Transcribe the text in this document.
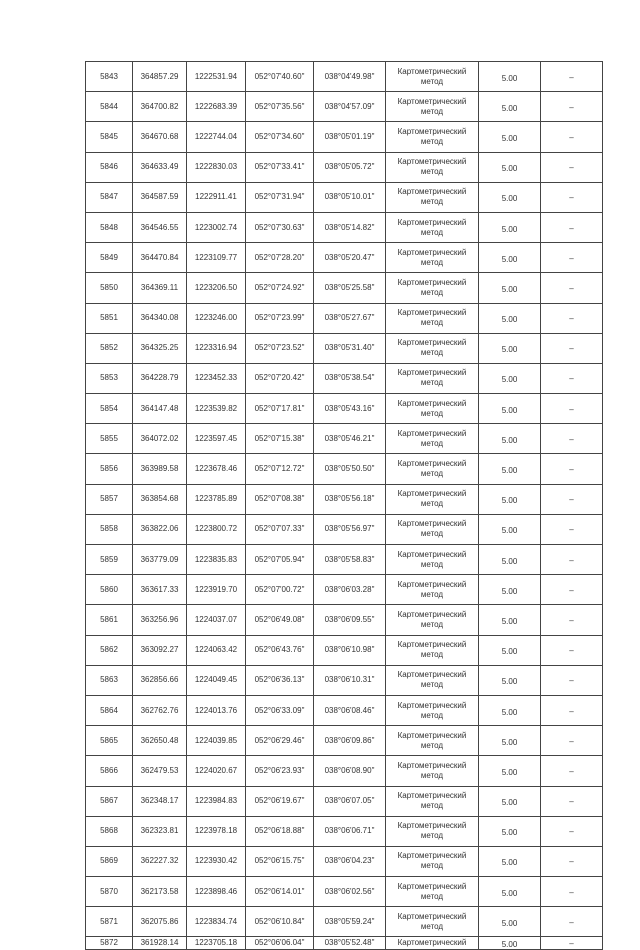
5843	364857.29	1222531.94	052°07'40.60"	038°04'49.98"	Картометрический
метод	5.00	–
5844	364700.82	1222683.39	052°07'35.56"	038°04'57.09"	Картометрический
метод	5.00	–
5845	364670.68	1222744.04	052°07'34.60"	038°05'01.19"	Картометрический
метод	5.00	–
5846	364633.49	1222830.03	052°07'33.41"	038°05'05.72"	Картометрический
метод	5.00	–
5847	364587.59	1222911.41	052°07'31.94"	038°05'10.01"	Картометрический
метод	5.00	–
5848	364546.55	1223002.74	052°07'30.63"	038°05'14.82"	Картометрический
метод	5.00	–
5849	364470.84	1223109.77	052°07'28.20"	038°05'20.47"	Картометрический
метод	5.00	–
5850	364369.11	1223206.50	052°07'24.92"	038°05'25.58"	Картометрический
метод	5.00	–
5851	364340.08	1223246.00	052°07'23.99"	038°05'27.67"	Картометрический
метод	5.00	–
5852	364325.25	1223316.94	052°07'23.52"	038°05'31.40"	Картометрический
метод	5.00	–
5853	364228.79	1223452.33	052°07'20.42"	038°05'38.54"	Картометрический
метод	5.00	–
5854	364147.48	1223539.82	052°07'17.81"	038°05'43.16"	Картометрический
метод	5.00	–
5855	364072.02	1223597.45	052°07'15.38"	038°05'46.21"	Картометрический
метод	5.00	–
5856	363989.58	1223678.46	052°07'12.72"	038°05'50.50"	Картометрический
метод	5.00	–
5857	363854.68	1223785.89	052°07'08.38"	038°05'56.18"	Картометрический
метод	5.00	–
5858	363822.06	1223800.72	052°07'07.33"	038°05'56.97"	Картометрический
метод	5.00	–
5859	363779.09	1223835.83	052°07'05.94"	038°05'58.83"	Картометрический
метод	5.00	–
5860	363617.33	1223919.70	052°07'00.72"	038°06'03.28"	Картометрический
метод	5.00	–
5861	363256.96	1224037.07	052°06'49.08"	038°06'09.55"	Картометрический
метод	5.00	–
5862	363092.27	1224063.42	052°06'43.76"	038°06'10.98"	Картометрический
метод	5.00	–
5863	362856.66	1224049.45	052°06'36.13"	038°06'10.31"	Картометрический
метод	5.00	–
5864	362762.76	1224013.76	052°06'33.09"	038°06'08.46"	Картометрический
метод	5.00	–
5865	362650.48	1224039.85	052°06'29.46"	038°06'09.86"	Картометрический
метод	5.00	–
5866	362479.53	1224020.67	052°06'23.93"	038°06'08.90"	Картометрический
метод	5.00	–
5867	362348.17	1223984.83	052°06'19.67"	038°06'07.05"	Картометрический
метод	5.00	–
5868	362323.81	1223978.18	052°06'18.88"	038°06'06.71"	Картометрический
метод	5.00	–
5869	362227.32	1223930.42	052°06'15.75"	038°06'04.23"	Картометрический
метод	5.00	–
5870	362173.58	1223898.46	052°06'14.01"	038°06'02.56"	Картометрический
метод	5.00	–
5871	362075.86	1223834.74	052°06'10.84"	038°05'59.24"	Картометрический
метод	5.00	–
5872	361928.14	1223705.18	052°06'06.04"	038°05'52.48"	Картометрический	5.00	–
